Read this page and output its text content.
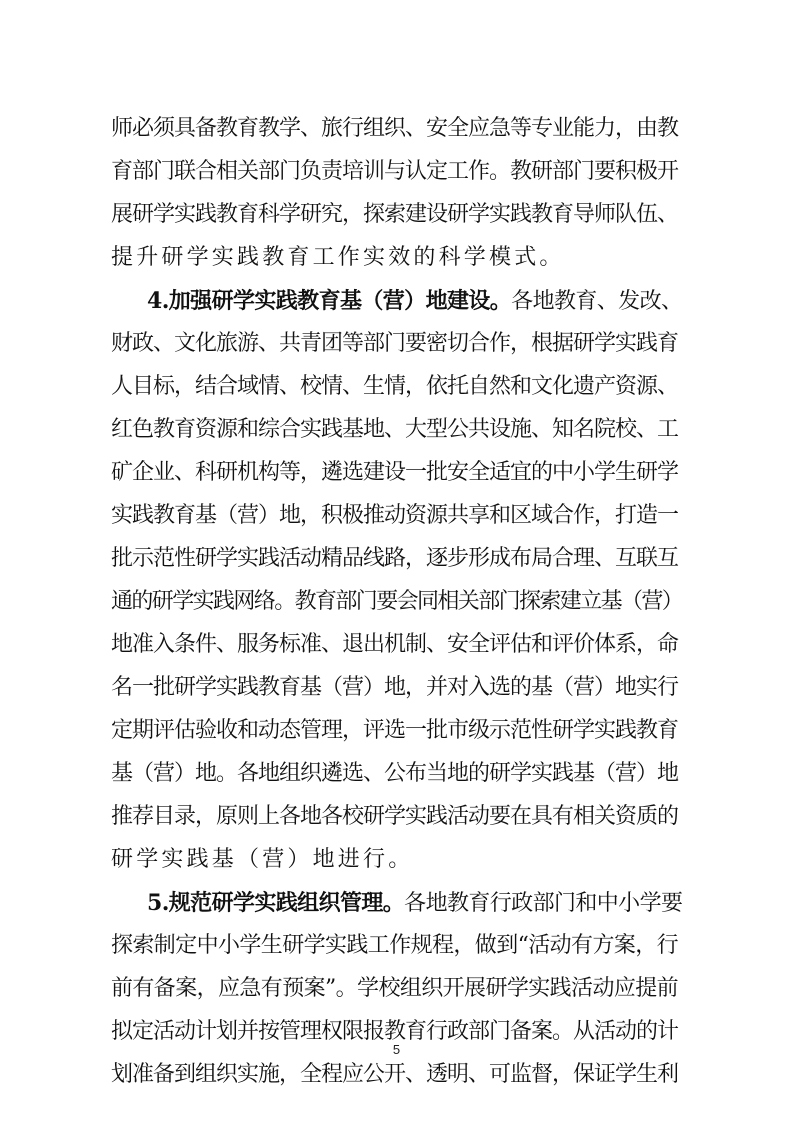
师必须具备教育教学、旅行组织、安全应急等专业能力，由教
育部门联合相关部门负责培训与认定工作。教研部门要积极开
展研学实践教育科学研究，探索建设研学实践教育导师队伍、
提升研学实践教育工作实效的科学模式。
4.加强研学实践教育基（营）地建设。各地教育、发改、
财政、文化旅游、共青团等部门要密切合作，根据研学实践育
人目标，结合域情、校情、生情，依托自然和文化遗产资源、
红色教育资源和综合实践基地、大型公共设施、知名院校、工
矿企业、科研机构等，遴选建设一批安全适宜的中小学生研学
实践教育基（营）地，积极推动资源共享和区域合作，打造一
批示范性研学实践活动精品线路，逐步形成布局合理、互联互
通的研学实践网络。教育部门要会同相关部门探索建立基（营）
地准入条件、服务标准、退出机制、安全评估和评价体系，命
名一批研学实践教育基（营）地，并对入选的基（营）地实行
定期评估验收和动态管理，评选一批市级示范性研学实践教育
基（营）地。各地组织遴选、公布当地的研学实践基（营）地
推荐目录，原则上各地各校研学实践活动要在具有相关资质的
研学实践基（营）地进行。
5.规范研学实践组织管理。各地教育行政部门和中小学要
探索制定中小学生研学实践工作规程，做到“活动有方案，行
前有备案，应急有预案”。学校组织开展研学实践活动应提前
拟定活动计划并按管理权限报教育行政部门备案。从活动的计
划准备到组织实施，全程应公开、透明、可监督，保证学生利
5
